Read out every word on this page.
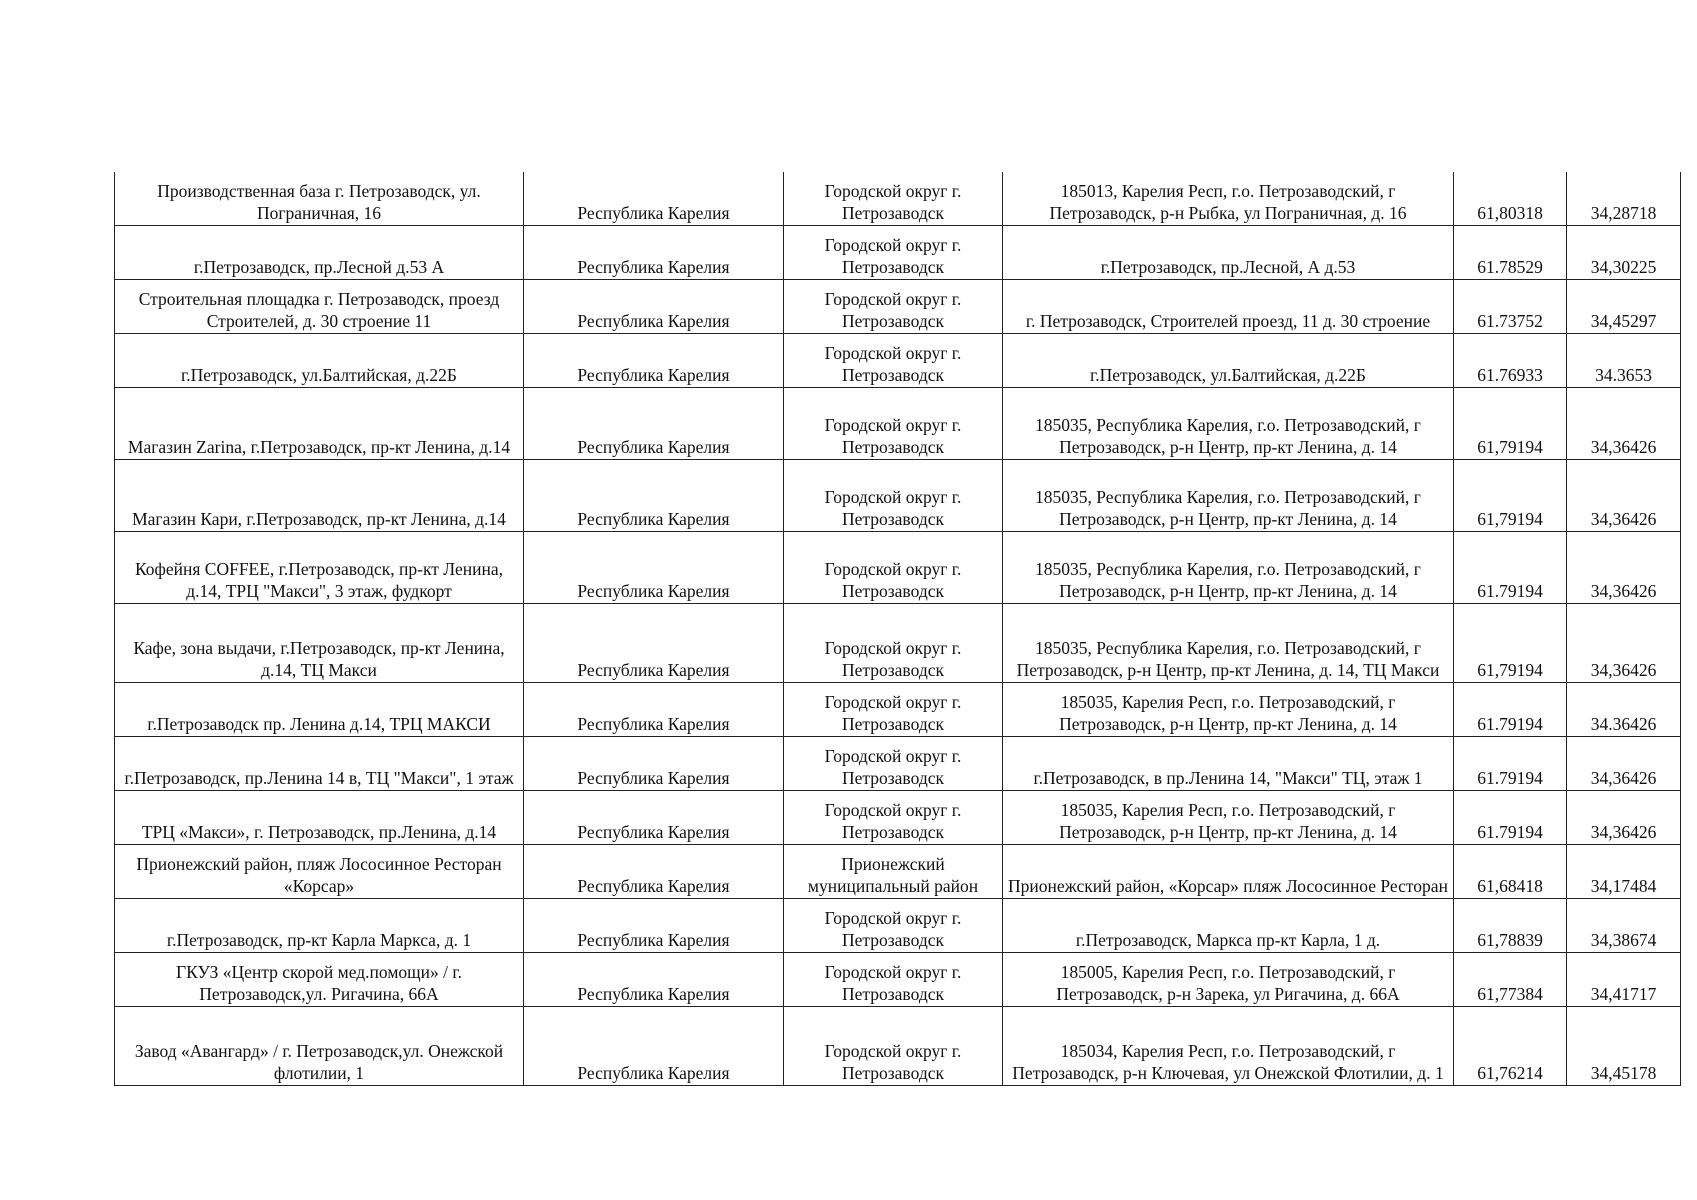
Производственная база г. Петрозаводск, ул. Пограничная, 16	Республика Карелия	Городской округ г. Петрозаводск	185013, Карелия Респ, г.о. Петрозаводский, г Петрозаводск, р-н Рыбка, ул Пограничная, д. 16	61,80318	34,28718
г.Петрозаводск, пр.Лесной д.53 А	Республика Карелия	Городской округ г. Петрозаводск	г.Петрозаводск, пр.Лесной, А д.53	61.78529	34,30225
Строительная площадка г. Петрозаводск, проезд Строителей, д. 30 строение 11	Республика Карелия	Городской округ г. Петрозаводск	г. Петрозаводск, Строителей проезд, 11 д. 30 строение	61.73752	34,45297
г.Петрозаводск, ул.Балтийская, д.22Б	Республика Карелия	Городской округ г. Петрозаводск	г.Петрозаводск, ул.Балтийская, д.22Б	61.76933	34.3653
Магазин Zarina, г.Петрозаводск, пр-кт Ленина, д.14	Республика Карелия	Городской округ г. Петрозаводск	185035, Республика Карелия, г.о. Петрозаводский, г Петрозаводск, р-н Центр, пр-кт Ленина, д. 14	61,79194	34,36426
Магазин Кари, г.Петрозаводск, пр-кт Ленина, д.14	Республика Карелия	Городской округ г. Петрозаводск	185035, Республика Карелия, г.о. Петрозаводский, г Петрозаводск, р-н Центр, пр-кт Ленина, д. 14	61,79194	34,36426
Кофейня COFFEE, г.Петрозаводск, пр-кт Ленина, д.14, ТРЦ "Макси", 3 этаж, фудкорт	Республика Карелия	Городской округ г. Петрозаводск	185035, Республика Карелия, г.о. Петрозаводский, г Петрозаводск, р-н Центр, пр-кт Ленина, д. 14	61.79194	34,36426
Кафе, зона выдачи, г.Петрозаводск, пр-кт Ленина, д.14, ТЦ Макси	Республика Карелия	Городской округ г. Петрозаводск	185035, Республика Карелия, г.о. Петрозаводский, г Петрозаводск, р-н Центр, пр-кт Ленина, д. 14, ТЦ Макси	61,79194	34,36426
г.Петрозаводск пр. Ленина д.14, ТРЦ МАКСИ	Республика Карелия	Городской округ г. Петрозаводск	185035, Карелия Респ, г.о. Петрозаводский, г Петрозаводск, р-н Центр, пр-кт Ленина, д. 14	61.79194	34.36426
г.Петрозаводск, пр.Ленина 14 в, ТЦ "Макси", 1 этаж	Республика Карелия	Городской округ г. Петрозаводск	г.Петрозаводск, в пр.Ленина 14, "Макси" ТЦ, этаж 1	61.79194	34,36426
ТРЦ «Макси», г. Петрозаводск, пр.Ленина, д.14	Республика Карелия	Городской округ г. Петрозаводск	185035, Карелия Респ, г.о. Петрозаводский, г Петрозаводск, р-н Центр, пр-кт Ленина, д. 14	61.79194	34,36426
Прионежский район, пляж Лососинное Ресторан «Корсар»	Республика Карелия	Прионежский муниципальный район	Прионежский район, «Корсар» пляж Лососинное Ресторан	61,68418	34,17484
г.Петрозаводск, пр-кт Карла Маркса, д. 1	Республика Карелия	Городской округ г. Петрозаводск	г.Петрозаводск, Маркса пр-кт Карла, 1 д.	61,78839	34,38674
ГКУЗ «Центр скорой мед.помощи» / г. Петрозаводск,ул. Ригачина, 66А	Республика Карелия	Городской округ г. Петрозаводск	185005, Карелия Респ, г.о. Петрозаводский, г Петрозаводск, р-н Зарека, ул Ригачина, д. 66А	61,77384	34,41717
Завод «Авангард» / г. Петрозаводск,ул. Онежской флотилии, 1	Республика Карелия	Городской округ г. Петрозаводск	185034, Карелия Респ, г.о. Петрозаводский, г Петрозаводск, р-н Ключевая, ул Онежской Флотилии, д. 1	61,76214	34,45178
